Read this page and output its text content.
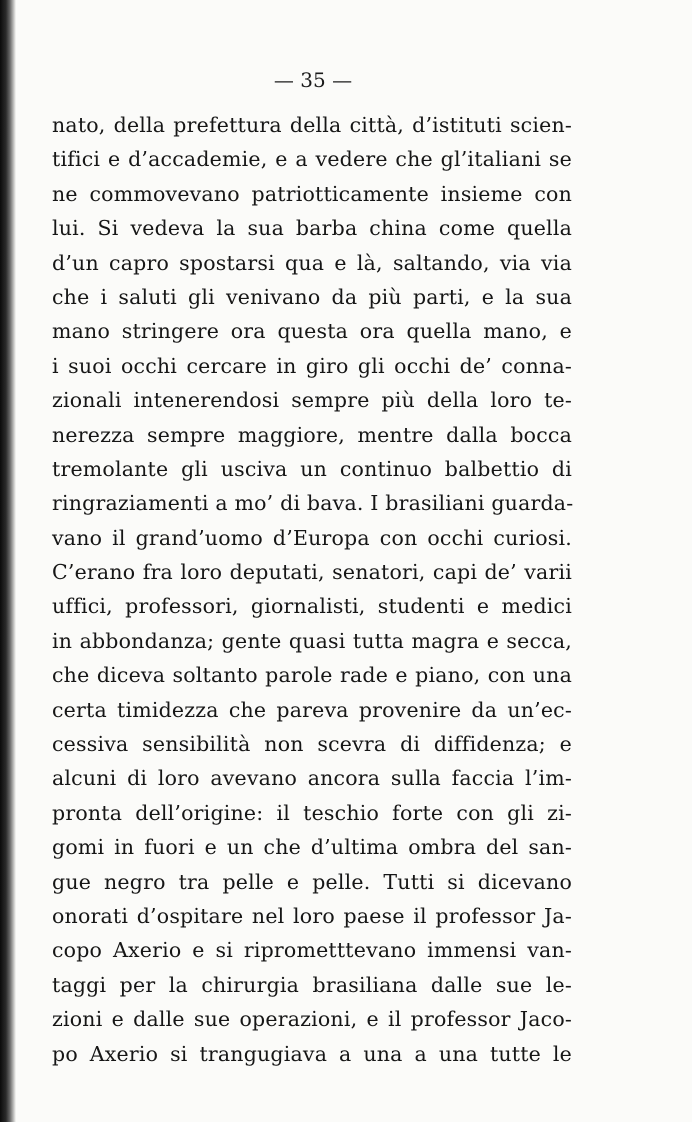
— 35 —
nato, della prefettura della città, d’istituti scien-
tifici e d’accademie, e a vedere che gl’italiani se
ne commovevano patriotticamente insieme con
lui. Si vedeva la sua barba china come quella
d’un capro spostarsi qua e là, saltando, via via
che i saluti gli venivano da più parti, e la sua
mano stringere ora questa ora quella mano, e
i suoi occhi cercare in giro gli occhi de’ conna-
zionali intenerendosi sempre più della loro te-
nerezza sempre maggiore, mentre dalla bocca
tremolante gli usciva un continuo balbettio di
ringraziamenti a mo’ di bava. I brasiliani guarda-
vano il grand’uomo d’Europa con occhi curiosi.
C’erano fra loro deputati, senatori, capi de’ varii
uffici, professori, giornalisti, studenti e medici
in abbondanza; gente quasi tutta magra e secca,
che diceva soltanto parole rade e piano, con una
certa timidezza che pareva provenire da un’ec-
cessiva sensibilità non scevra di diffidenza; e
alcuni di loro avevano ancora sulla faccia l’im-
pronta dell’origine: il teschio forte con gli zi-
gomi in fuori e un che d’ultima ombra del san-
gue negro tra pelle e pelle. Tutti si dicevano
onorati d’ospitare nel loro paese il professor Ja-
copo Axerio e si riprometttevano immensi van-
taggi per la chirurgia brasiliana dalle sue le-
zioni e dalle sue operazioni, e il professor Jaco-
po Axerio si trangugiava a una a una tutte le
